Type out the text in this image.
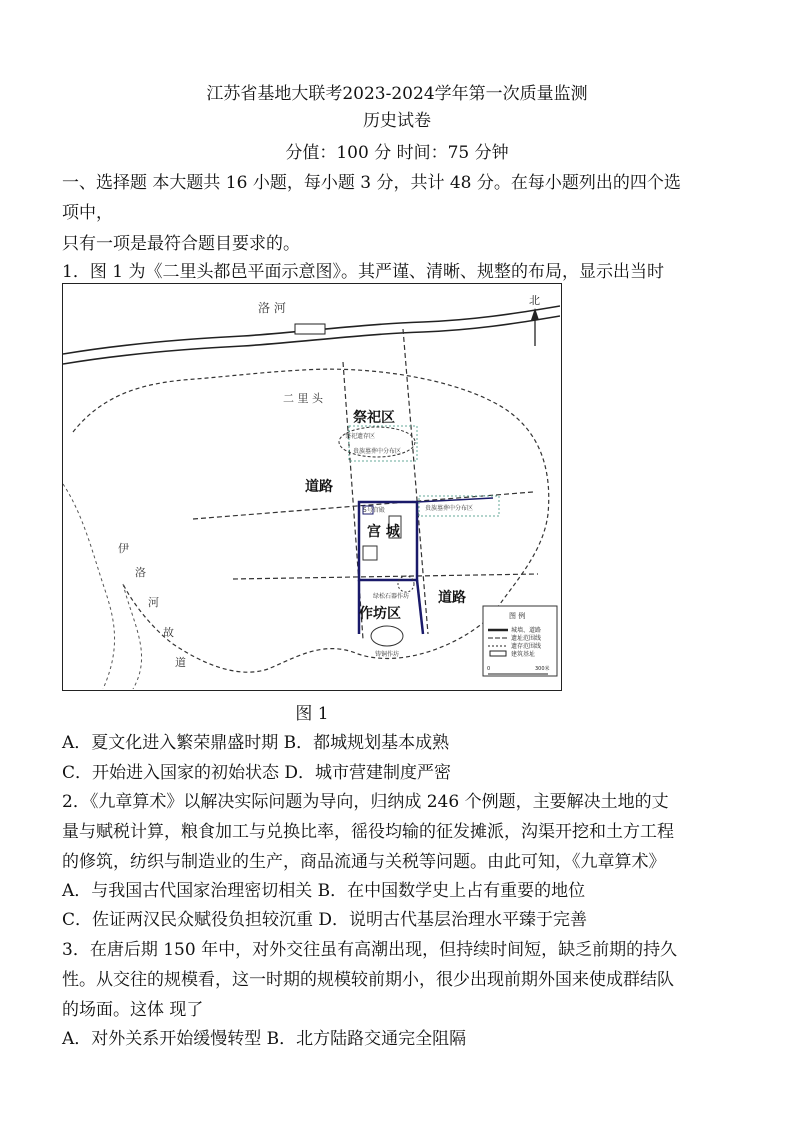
江苏省基地大联考2023-2024学年第一次质量监测
历史试卷
分值：100 分 时间：75 分钟
一、选择题 本大题共 16 小题，每小题 3 分，共计 48 分。在每小题列出的四个选
项中，
只有一项是最符合题目要求的。
1．图 1 为《二里头都邑平面示意图》。其严谨、清晰、规整的布局，显示出当时
洛 河
北
二 里 头
祭祀区
祭祀遗存区
贵族墓葬中分布区
道路
贵族墓葬中分布区
5号宫殿
宫 城
道路
绿松石器作坊
作坊区
铸铜作坊
伊
洛
河
故
道
图 例
城墙、道路
遗址范围线
遗存范围线
建筑基址
0	300米
图 1
A．夏文化进入繁荣鼎盛时期 B．都城规划基本成熟
C．开始进入国家的初始状态 D．城市营建制度严密
2．《九章算术》以解决实际问题为导向，归纳成 246 个例题，主要解决土地的丈
量与赋税计算，粮食加工与兑换比率，徭役均输的征发摊派，沟渠开挖和土方工程
的修筑，纺织与制造业的生产，商品流通与关税等问题。由此可知，《九章算术》
A．与我国古代国家治理密切相关 B．在中国数学史上占有重要的地位
C．佐证两汉民众赋役负担较沉重 D．说明古代基层治理水平臻于完善
3．在唐后期 150 年中，对外交往虽有高潮出现，但持续时间短，缺乏前期的持久
性。从交往的规模看，这一时期的规模较前期小，很少出现前期外国来使成群结队
的场面。这体 现了
A．对外关系开始缓慢转型 B．北方陆路交通完全阻隔
